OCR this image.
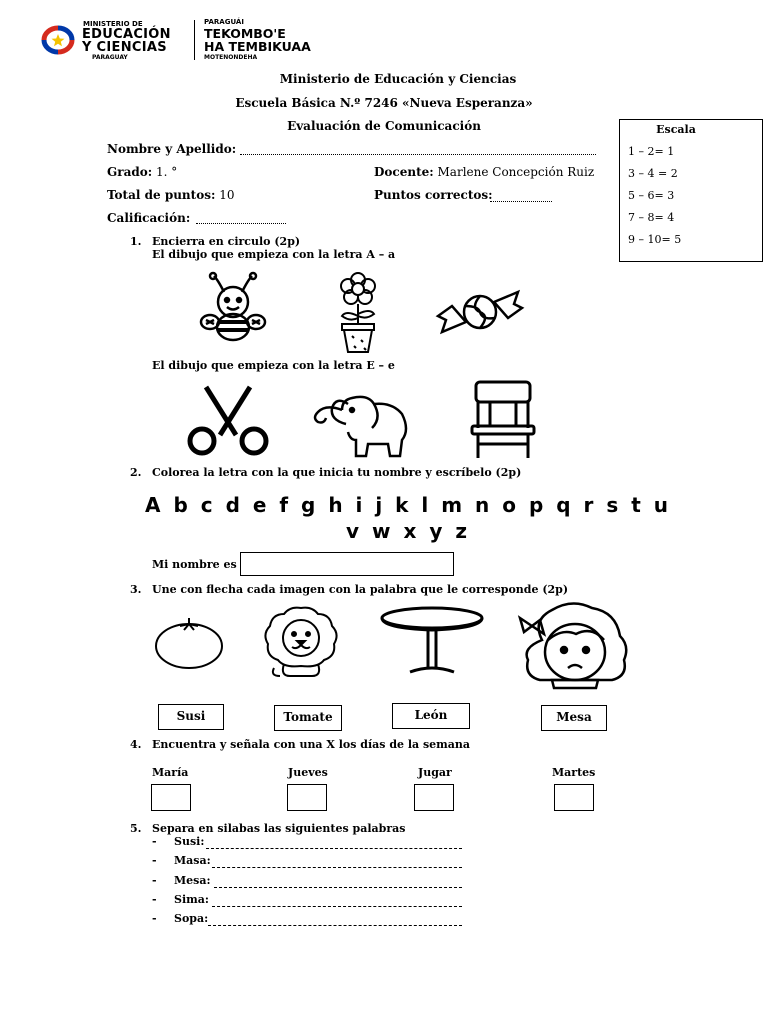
MINISTERIO DE
EDUCACIÓN
Y CIENCIAS
PARAGUAY
PARAGUÁI
TEKOMBO'E
HA TEMBIKUAA
MOTENONDEHA
Ministerio de Educación y Ciencias
Escuela Básica N.º 7246 «Nueva Esperanza»
Evaluación de Comunicación
Nombre y Apellido:
Grado: 1. °	Docente: Marlene Concepción Ruiz
Total de puntos: 10	Puntos correctos:
Calificación:
Escala
1 – 2= 1
3 – 4 = 2
5 – 6= 3
7 – 8= 4
9 – 10= 5
1. Encierra en circulo (2p)
El dibujo que empieza con la letra A – a
El dibujo que empieza con la letra E – e
2. Colorea la letra con la que inicia tu nombre y escríbelo (2p)
A b c d e f g h i j k l m n o p q r s t u
v w x y z
Mi nombre es
3. Une con flecha cada imagen con la palabra que le corresponde (2p)
Susi	Tomate	León	Mesa
4. Encuentra y señala con una X los días de la semana
María	Jueves	Jugar	Martes
5. Separa en silabas las siguientes palabras
- Susi:
- Masa:
- Mesa:
- Sima:
- Sopa:
